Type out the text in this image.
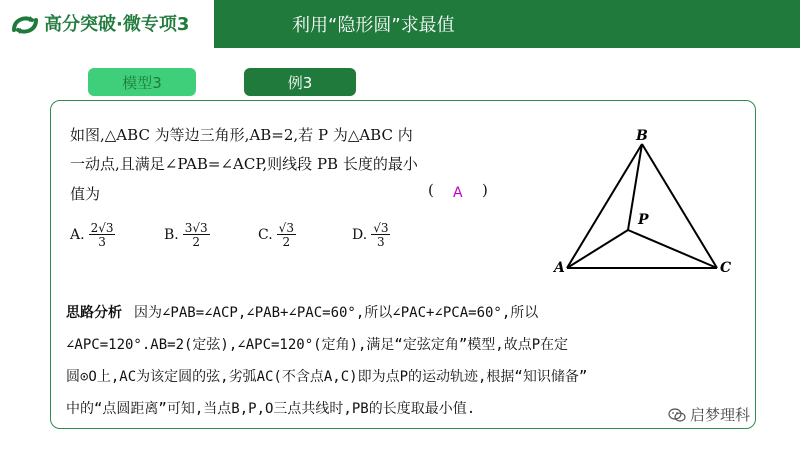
高分突破·微专项3	利用“隐形圆”求最值
模型3	例3
如图,△ABC 为等边三角形,AB=2,若 P 为△ABC 内
一动点,且满足∠PAB=∠ACP,则线段 PB 长度的最小
值为	( A )
A. $\frac{2√3}{3}$	B. $\frac{3√3}{2}$	C. $\frac{√3}{2}$	D. $\frac{√3}{3}$
B
P
A	C
思路分析 因为∠PAB=∠ACP,∠PAB+∠PAC=60°,所以∠PAC+∠PCA=60°,所以
∠APC=120°.AB=2(定弦),∠APC=120°(定角),满足“定弦定角”模型,故点P在定
圆⊙O上,AC为该定圆的弦,劣弧AC(不含点A,C)即为点P的运动轨迹,根据“知识储备”
中的“点圆距离”可知,当点B,P,O三点共线时,PB的长度取最小值.	启梦理科
